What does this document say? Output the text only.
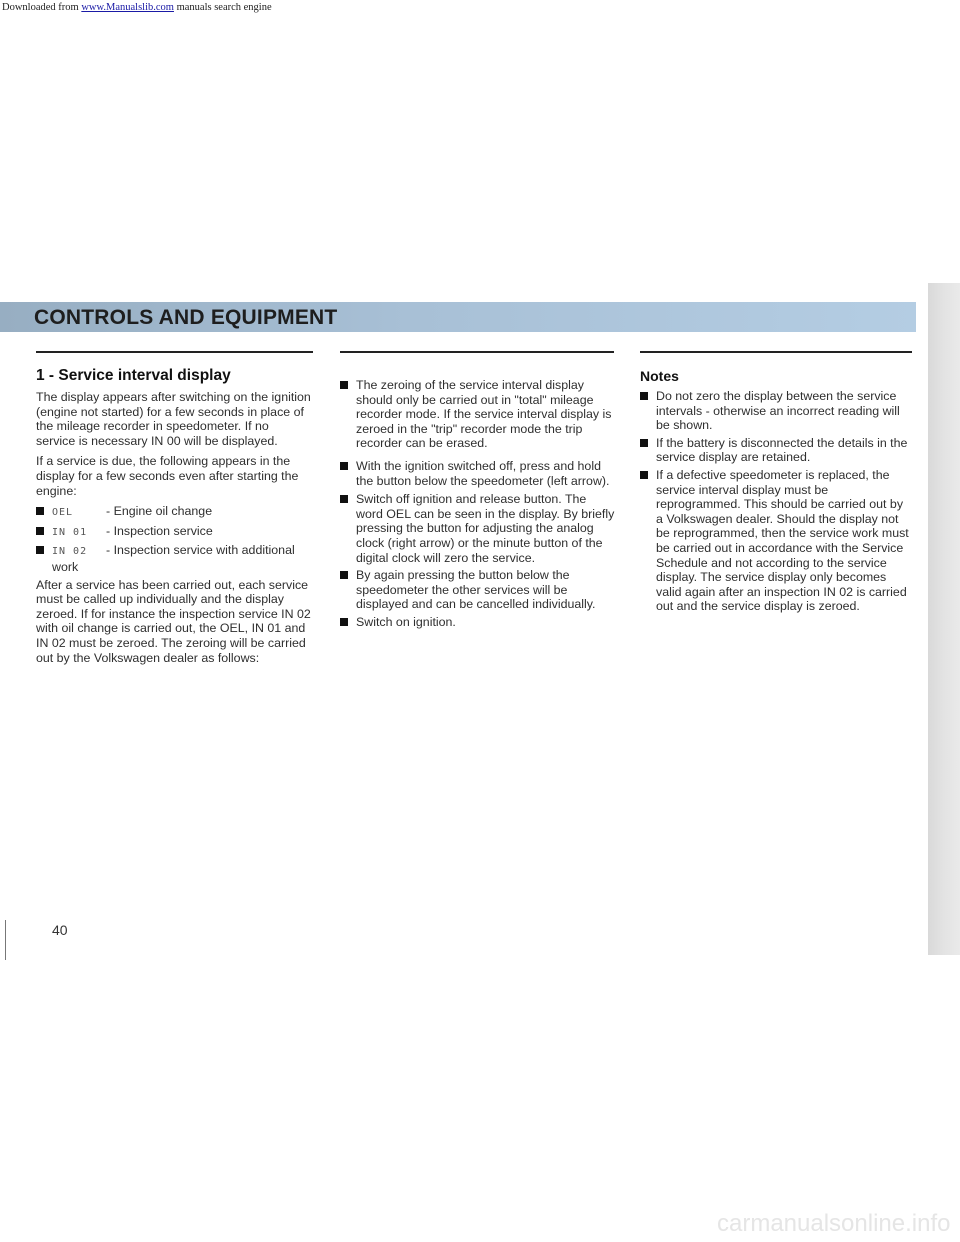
Downloaded from www.Manualslib.com manuals search engine
CONTROLS AND EQUIPMENT
1 - Service interval display

The display appears after switching on the ignition (engine not started) for a few seconds in place of the mileage recorder in speedometer. If no service is necessary IN 00 will be displayed.

If a service is due, the following appears in the display for a few seconds even after starting the engine:

OEL	- Engine oil change
IN 01 - Inspection service
IN 02 - Inspection service with additional work

After a service has been carried out, each service must be called up individually and the display zeroed. If for instance the inspection service IN 02 with oil change is carried out, the OEL, IN 01 and IN 02 must be zeroed. The zeroing will be carried out by the Volkswagen dealer as follows:

The zeroing of the service interval display should only be carried out in "total" mileage recorder mode. If the service interval display is zeroed in the "trip" recorder mode the trip recorder can be erased.
With the ignition switched off, press and hold the button below the speedometer (left arrow).
Switch off ignition and release button. The word OEL can be seen in the display. By briefly pressing the button for adjusting the analog clock (right arrow) or the minute button of the digital clock will zero the service.
By again pressing the button below the speedometer the other services will be displayed and can be cancelled individually.
Switch on ignition.
Notes
Do not zero the display between the service intervals - otherwise an incorrect reading will be shown.
If the battery is disconnected the details in the service display are retained.
If a defective speedometer is replaced, the service interval display must be reprogrammed. This should be carried out by a Volkswagen dealer. Should the display not be reprogrammed, then the service work must be carried out in accordance with the Service Schedule and not according to the service display. The service display only becomes valid again after an inspection IN 02 is carried out and the service display is zeroed.
40
carmanualsonline.info
